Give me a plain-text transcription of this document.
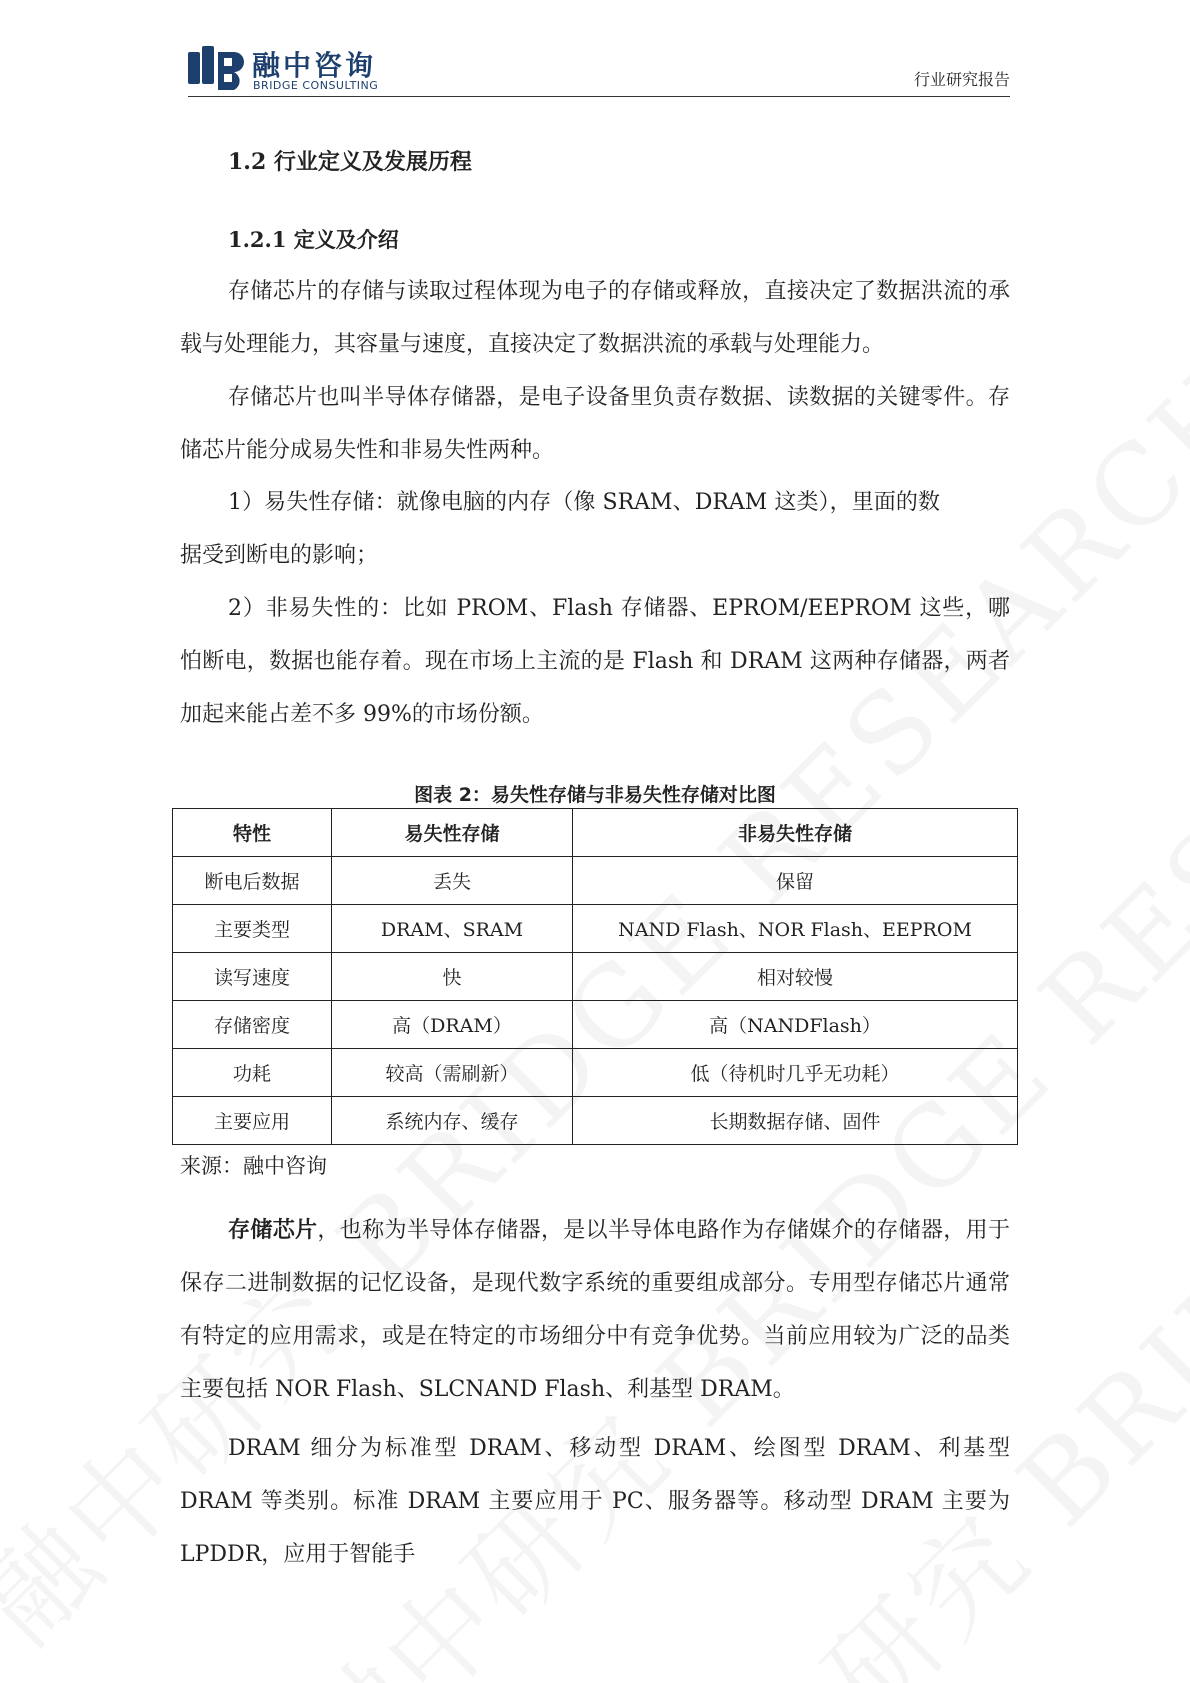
融中咨询
BRIDGE CONSULTING	行业研究报告
1.2 行业定义及发展历程
1.2.1 定义及介绍

存储芯片的存储与读取过程体现为电子的存储或释放，直接决定了数据洪流的承载与处理能力，其容量与速度，直接决定了数据洪流的承载与处理能力。

存储芯片也叫半导体存储器，是电子设备里负责存数据、读数据的关键零件。存储芯片能分成易失性和非易失性两种。

1）易失性存储：就像电脑的内存（像 SRAM、DRAM 这类），里面的数据受到断电的影响；

2）非易失性的：比如 PROM、Flash 存储器、EPROM/EEPROM 这些，哪怕断电，数据也能存着。现在市场上主流的是 Flash 和 DRAM 这两种存储器，两者加起来能占差不多 99%的市场份额。

图表 2：易失性存储与非易失性存储对比图
特性	易失性存储	非易失性存储
断电后数据	丢失	保留
主要类型	DRAM、SRAM	NAND Flash、NOR Flash、EEPROM
读写速度	快	相对较慢
存储密度	高（DRAM）	高（NANDFlash）
功耗	较高（需刷新）	低（待机时几乎无功耗）
主要应用	系统内存、缓存	长期数据存储、固件
来源：融中咨询

存储芯片，也称为半导体存储器，是以半导体电路作为存储媒介的存储器，用于保存二进制数据的记忆设备，是现代数字系统的重要组成部分。专用型存储芯片通常有特定的应用需求，或是在特定的市场细分中有竞争优势。当前应用较为广泛的品类主要包括 NOR Flash、SLCNAND Flash、利基型 DRAM。

DRAM 细分为标准型 DRAM、移动型 DRAM、绘图型 DRAM、利基型 DRAM 等类别。标准 DRAM 主要应用于 PC、服务器等。移动型 DRAM 主要为 LPDDR，应用于智能手
